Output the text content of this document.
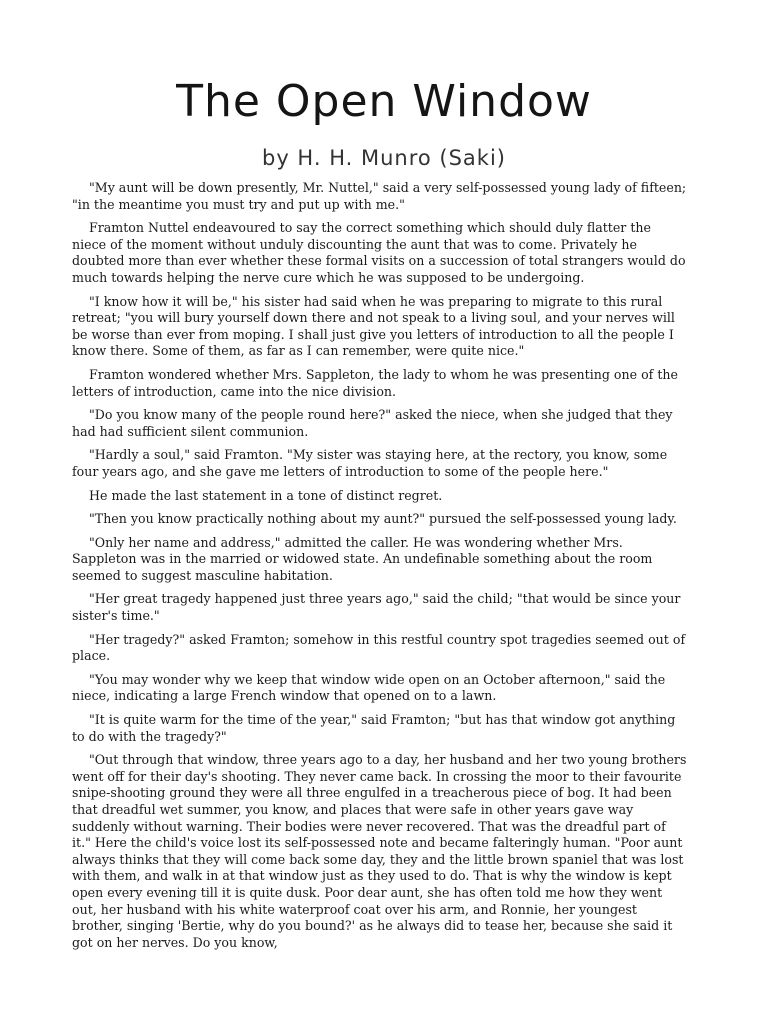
The Open Window
by H. H. Munro (Saki)

"My aunt will be down presently, Mr. Nuttel," said a very self-possessed young lady of fifteen; "in the meantime you must try and put up with me."

Framton Nuttel endeavoured to say the correct something which should duly flatter the niece of the moment without unduly discounting the aunt that was to come. Privately he doubted more than ever whether these formal visits on a succession of total strangers would do much towards helping the nerve cure which he was supposed to be undergoing.

"I know how it will be," his sister had said when he was preparing to migrate to this rural retreat; "you will bury yourself down there and not speak to a living soul, and your nerves will be worse than ever from moping. I shall just give you letters of introduction to all the people I know there. Some of them, as far as I can remember, were quite nice."

Framton wondered whether Mrs. Sappleton, the lady to whom he was presenting one of the letters of introduction, came into the nice division.

"Do you know many of the people round here?" asked the niece, when she judged that they had had sufficient silent communion.

"Hardly a soul," said Framton. "My sister was staying here, at the rectory, you know, some four years ago, and she gave me letters of introduction to some of the people here."

He made the last statement in a tone of distinct regret.

"Then you know practically nothing about my aunt?" pursued the self-possessed young lady.

"Only her name and address," admitted the caller. He was wondering whether Mrs. Sappleton was in the married or widowed state. An undefinable something about the room seemed to suggest masculine habitation.

"Her great tragedy happened just three years ago," said the child; "that would be since your sister's time."

"Her tragedy?" asked Framton; somehow in this restful country spot tragedies seemed out of place.

"You may wonder why we keep that window wide open on an October afternoon," said the niece, indicating a large French window that opened on to a lawn.

"It is quite warm for the time of the year," said Framton; "but has that window got anything to do with the tragedy?"

"Out through that window, three years ago to a day, her husband and her two young brothers went off for their day's shooting. They never came back. In crossing the moor to their favourite snipe-shooting ground they were all three engulfed in a treacherous piece of bog. It had been that dreadful wet summer, you know, and places that were safe in other years gave way suddenly without warning. Their bodies were never recovered. That was the dreadful part of it." Here the child's voice lost its self-possessed note and became falteringly human. "Poor aunt always thinks that they will come back some day, they and the little brown spaniel that was lost with them, and walk in at that window just as they used to do. That is why the window is kept open every evening till it is quite dusk. Poor dear aunt, she has often told me how they went out, her husband with his white waterproof coat over his arm, and Ronnie, her youngest brother, singing 'Bertie, why do you bound?' as he always did to tease her, because she said it got on her nerves. Do you know,
